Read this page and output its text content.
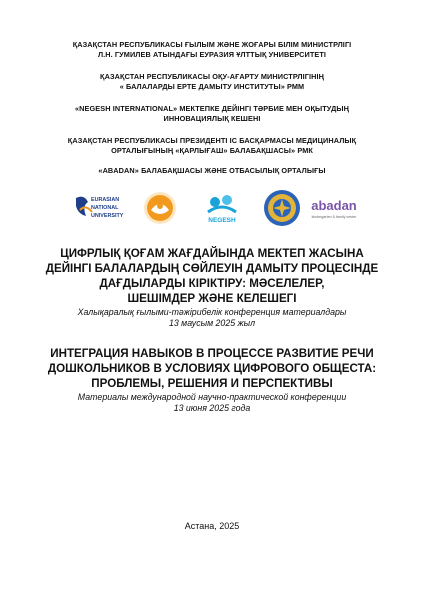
ҚАЗАҚСТАН РЕСПУБЛИКАСЫ ҒЫЛЫМ ЖӘНЕ ЖОҒАРЫ БІЛІМ МИНИСТРЛІГІ
Л.Н. ГУМИЛЕВ АТЫНДАҒЫ ЕУРАЗИЯ ҰЛТТЫҚ УНИВЕРСИТЕТІ
ҚАЗАҚСТАН РЕСПУБЛИКАСЫ ОҚУ-АҒАРТУ МИНИСТРЛІГІНІҢ
« БАЛАЛАРДЫ ЕРТЕ ДАМЫТУ ИНСТИТУТЫ» РММ
«NEGESH INTERNATIONAL» МЕКТЕПКЕ ДЕЙІНГІ ТӘРБИЕ МЕН ОҚЫТУДЫҢ
ИННОВАЦИЯЛЫҚ КЕШЕНІ
ҚАЗАҚСТАН РЕСПУБЛИКАСЫ ПРЕЗИДЕНТІ ІС БАСҚАРМАСЫ МЕДИЦИНАЛЫҚ
ОРТАЛЫҒЫНЫҢ «ҚАРЛЫҒАШ» БАЛАБАҚШАСЫ» РМК
«ABADAN» БАЛАБАҚШАСЫ ЖӘНЕ ОТБАСЫЛЫҚ ОРТАЛЫҒЫ
EURASIAN
NATIONAL
UNIVERSITY
NEGESH
abadan
kindergarten & family center
ЦИФРЛЫҚ ҚОҒАМ ЖАҒДАЙЫНДА МЕКТЕП ЖАСЫНА
ДЕЙІНГІ БАЛАЛАРДЫҢ СӨЙЛЕУІН ДАМЫТУ ПРОЦЕСІНДЕ
ДАҒДЫЛАРДЫ КІРІКТІРУ: МӘСЕЛЕЛЕР,
ШЕШІМДЕР ЖӘНЕ КЕЛЕШЕГІ
Халықаралық ғылыми-тәжірибелік конференция материалдары
13 маусым 2025 жыл
ИНТЕГРАЦИЯ НАВЫКОВ В ПРОЦЕССЕ РАЗВИТИЕ РЕЧИ
ДОШКОЛЬНИКОВ В УСЛОВИЯХ ЦИФРОВОГО ОБЩЕСТА:
ПРОБЛЕМЫ, РЕШЕНИЯ И ПЕРСПЕКТИВЫ
Материалы международной научно-практической конференции
13 июня 2025 года
Астана, 2025
